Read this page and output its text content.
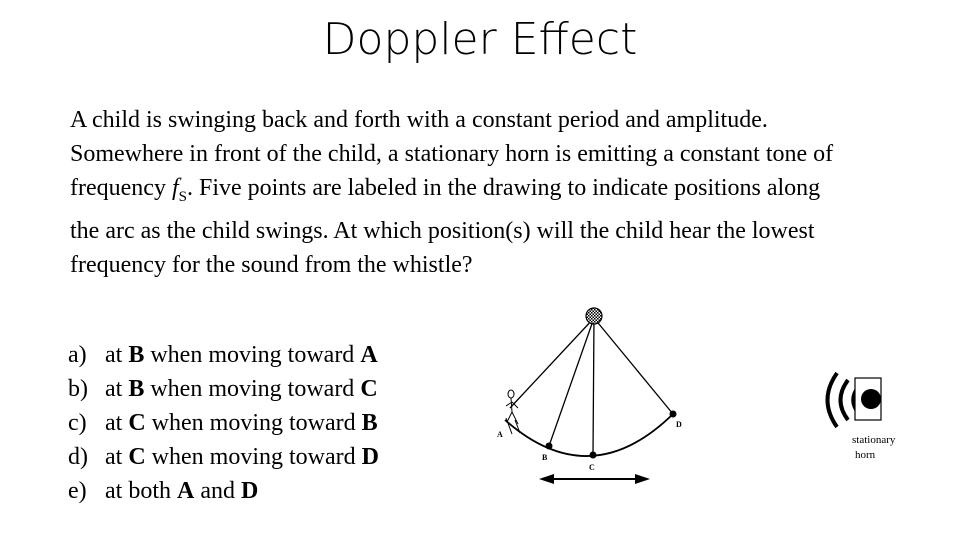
Doppler Effect
A child is swinging back and forth with a constant period and amplitude. Somewhere in front of the child, a stationary horn is emitting a constant tone of frequency $f_S$. Five points are labeled in the drawing to indicate positions along the arc as the child swings. At which position(s) will the child hear the lowest frequency for the sound from the whistle?
a) at B when moving toward A
b) at B when moving toward C
c) at C when moving toward B
d) at C when moving toward D
e) at both A and D
A
B
C
D
stationary
horn
